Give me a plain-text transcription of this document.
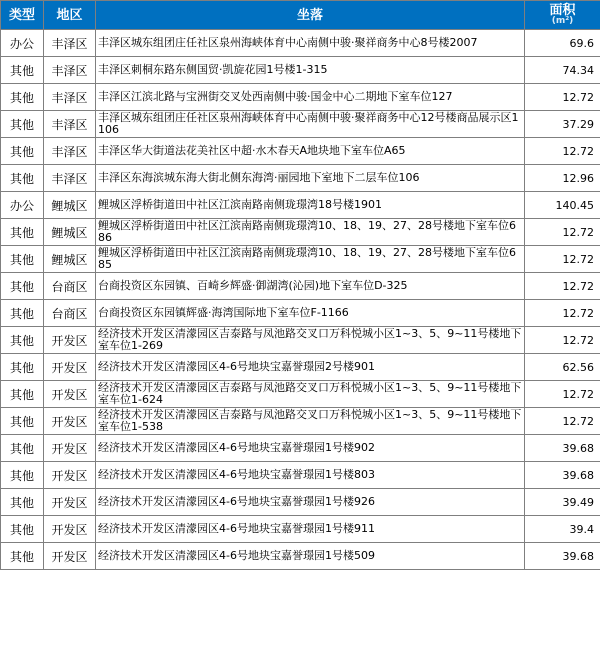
类型	地区	坐落	面积
(m²)

办公	丰泽区	丰泽区城东组团庄任社区泉州海峡体育中心南侧中骏·聚祥商务中心8号楼2007	69.6
其他	丰泽区	丰泽区刺桐东路东侧国贸·凯旋花园1号楼1-315	74.34
其他	丰泽区	丰泽区江滨北路与宝洲街交叉处西南侧中骏·国金中心二期地下室车位127	12.72
其他	丰泽区	丰泽区城东组团庄任社区泉州海峡体育中心南侧中骏·聚祥商务中心12号楼商品展示区1106	37.29
其他	丰泽区	丰泽区华大街道法花美社区中超·水木春天A地块地下室车位A65	12.72
其他	丰泽区	丰泽区东海滨城东海大街北侧东海湾·丽园地下室地下二层车位106	12.96
办公	鲤城区	鲤城区浮桥街道田中社区江滨南路南侧珑璟湾18号楼1901	140.45
其他	鲤城区	鲤城区浮桥街道田中社区江滨南路南侧珑璟湾10、18、19、27、28号楼地下室车位686	12.72
其他	鲤城区	鲤城区浮桥街道田中社区江滨南路南侧珑璟湾10、18、19、27、28号楼地下室车位685	12.72
其他	台商区	台商投资区东园镇、百崎乡辉盛·御湖湾(沁园)地下室车位D-325	12.72
其他	台商区	台商投资区东园镇辉盛·海湾国际地下室车位F-1166	12.72
其他	开发区	经济技术开发区清濛园区吉泰路与凤池路交叉口万科悦城小区1~3、5、9~11号楼地下室车位1-269	12.72
其他	开发区	经济技术开发区清濛园区4-6号地块宝嘉誉璟园2号楼901	62.56
其他	开发区	经济技术开发区清濛园区吉泰路与凤池路交叉口万科悦城小区1~3、5、9~11号楼地下室车位1-624	12.72
其他	开发区	经济技术开发区清濛园区吉泰路与凤池路交叉口万科悦城小区1~3、5、9~11号楼地下室车位1-538	12.72
其他	开发区	经济技术开发区清濛园区4-6号地块宝嘉誉璟园1号楼902	39.68
其他	开发区	经济技术开发区清濛园区4-6号地块宝嘉誉璟园1号楼803	39.68
其他	开发区	经济技术开发区清濛园区4-6号地块宝嘉誉璟园1号楼926	39.49
其他	开发区	经济技术开发区清濛园区4-6号地块宝嘉誉璟园1号楼911	39.4
其他	开发区	经济技术开发区清濛园区4-6号地块宝嘉誉璟园1号楼509	39.68
